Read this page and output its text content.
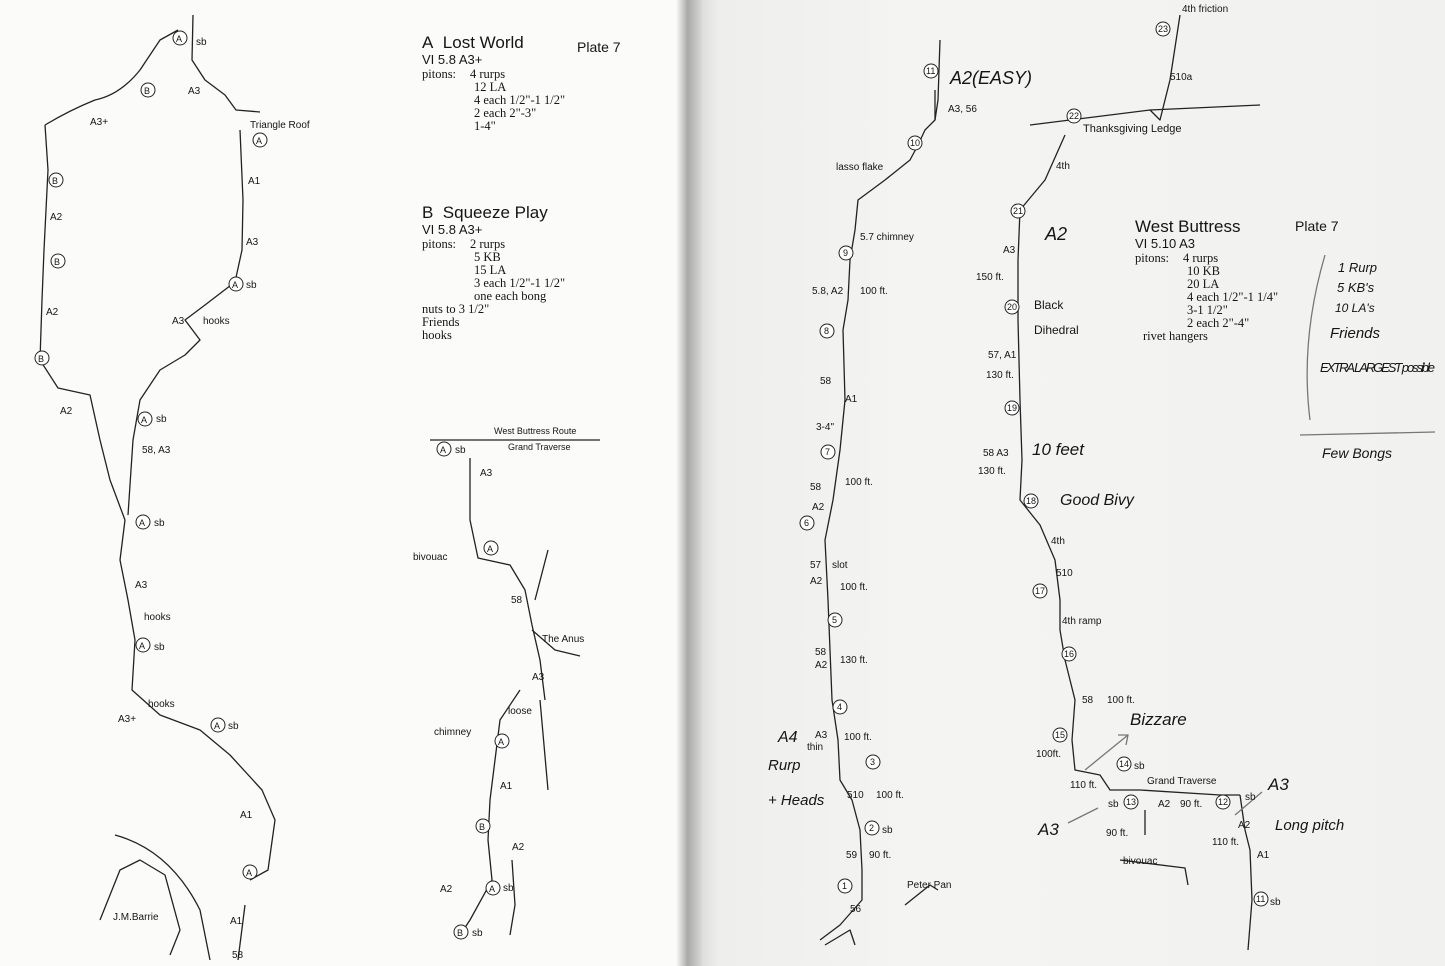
A Lost World	Plate 7
VI 5.8 A3+
pitons:	4 rurps
12 LA
4 each 1/2"-1 1/2"
2 each 2"-3"
1-4"
B Squeeze Play
VI 5.8 A3+
pitons:	2 rurps
5 KB
15 LA
3 each 1/2"-1 1/2"
one each bong
nuts to 3 1/2"
Friends
hooks
West Buttress	Plate 7
VI 5.10 A3
pitons:	4 rurps
10 KB
20 LA
4 each 1/2"-1 1/4"
3-1 1/2"
2 each 2"-4"
rivet hangers
sb
A3
A3+	Triangle Roof
A1
A3
sb
A2
A2
A3 hooks
A2
sb
58, A3
sb
A3
hooks
sb
hooks
A3+
sb
A1
A1
58
J.M.Barrie
A
B
B
B
B
A
A
A
A
A
A
A
West Buttress Route
Grand Traverse
sb
A3
bivouac
58
The Anus
A3
loose
chimney
A1
A2
A2	sb
sb
A
A
A
B
A
B
A3, 56
lasso flake
5.7 chimney
5.8, A2 100 ft.
58
A1
3-4"
100 ft.
58
A2
57 slot
A2
100 ft.
58
A2 130 ft.
A3
thin
100 ft.
510 100 ft.
sb
59 90 ft.
56
Peter Pan
11
10
9
8
7
6
5
4
3
2
1
4th friction
510a
Thanksgiving Ledge
4th
A3
150 ft.
Black
Dihedral
57, A1
130 ft.
58 A3
130 ft.
4th
510
4th ramp
58 100 ft.
100ft.
sb
110 ft.	Grand Traverse
sb	A2 90 ft.
sb
90 ft.
A2
110 ft.
A1
bivouac
sb
23
22
21
20
19
18
17
16
15
14
13	12
11
A2(EASY)
A2
10 feet
Good Bivy
Bizzare
A3
Long pitch
A3
A4
Rurp
+ Heads
1 Rurp
5 KB's
10 LA's
Friends
EXTRA LARGEST possible
Few Bongs
